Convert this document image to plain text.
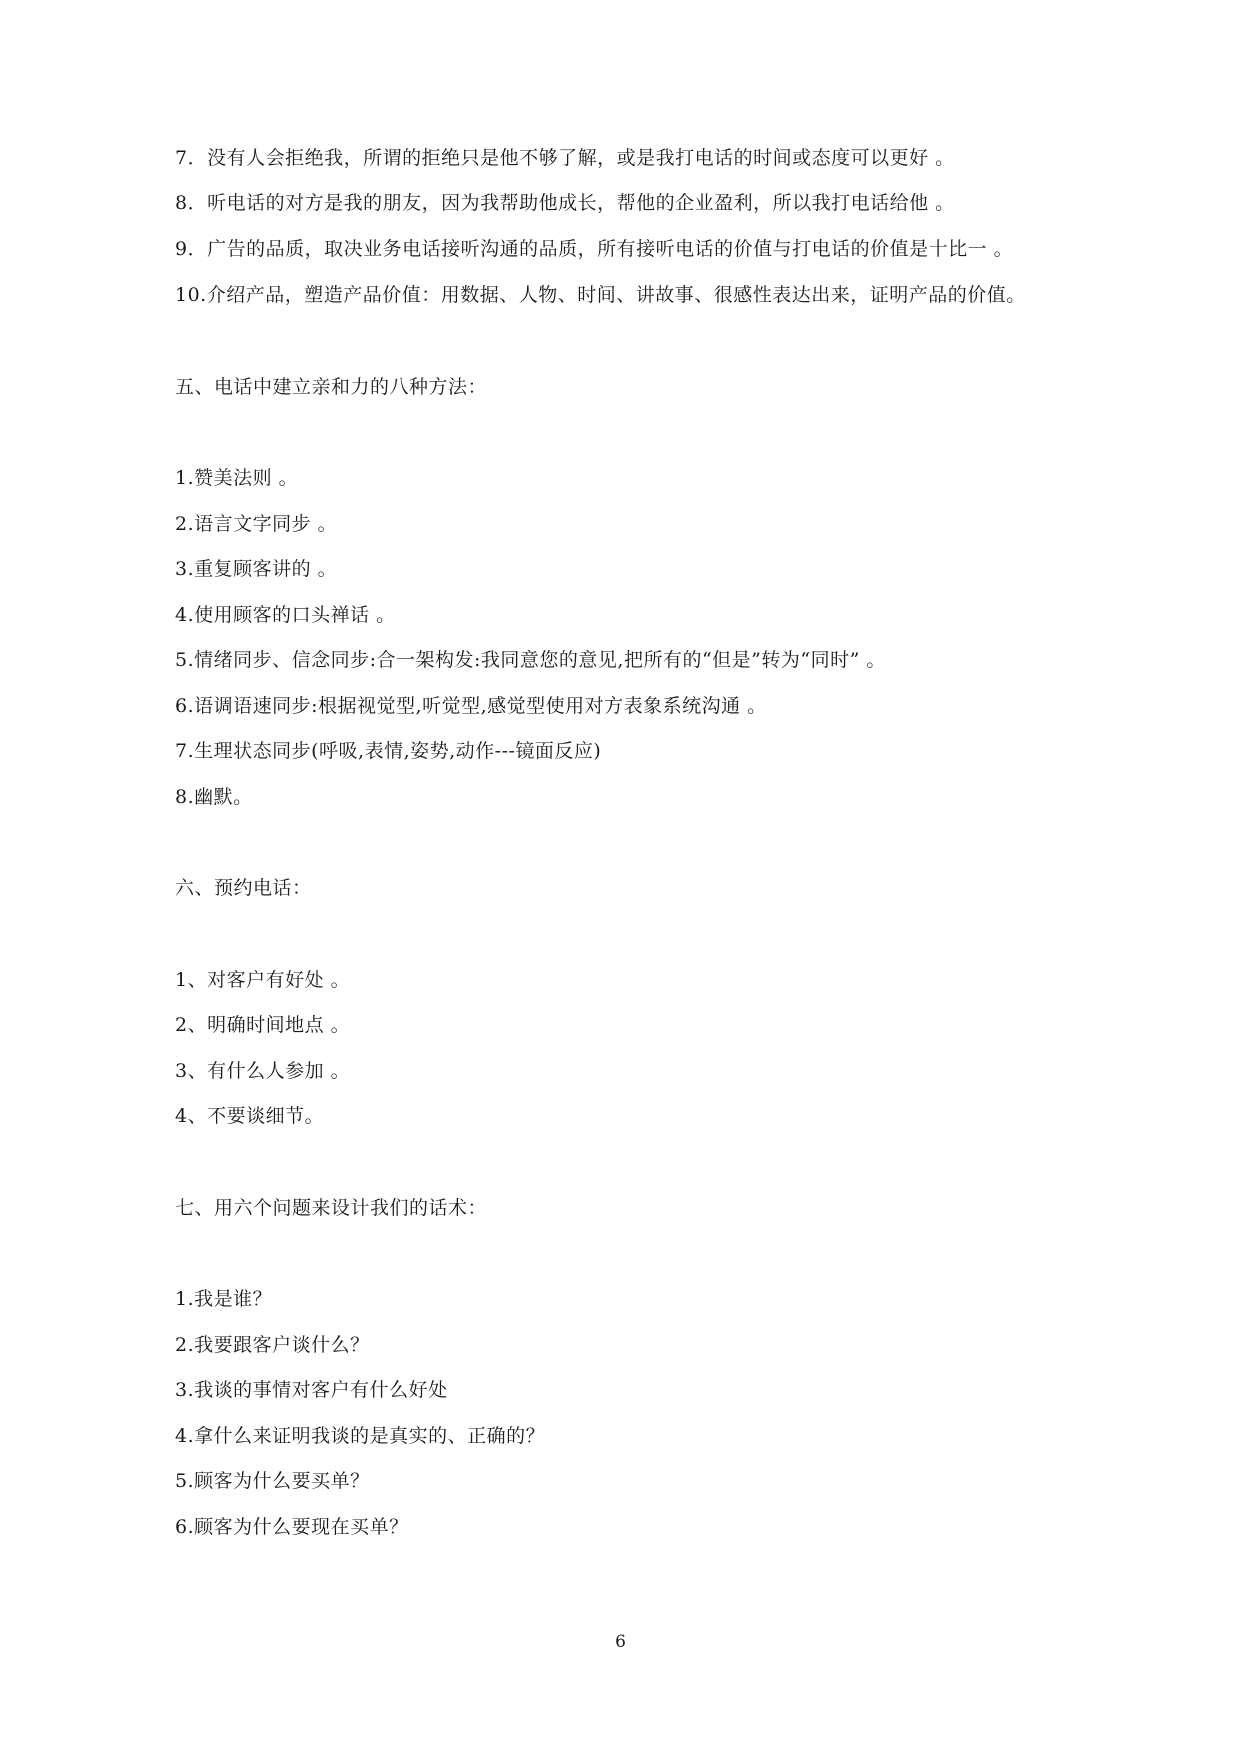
7．没有人会拒绝我，所谓的拒绝只是他不够了解，或是我打电话的时间或态度可以更好 。
8．听电话的对方是我的朋友，因为我帮助他成长，帮他的企业盈利，所以我打电话给他 。
9．广告的品质，取决业务电话接听沟通的品质，所有接听电话的价值与打电话的价值是十比一 。
10.介绍产品，塑造产品价值：用数据、人物、时间、讲故事、很感性表达出来，证明产品的价值。
五、电话中建立亲和力的八种方法：
1.赞美法则 。
2.语言文字同步 。
3.重复顾客讲的 。
4.使用顾客的口头禅话 。
5.情绪同步、信念同步:合一架构发:我同意您的意见,把所有的“但是”转为“同时” 。
6.语调语速同步:根据视觉型,听觉型,感觉型使用对方表象系统沟通 。
7.生理状态同步(呼吸,表情,姿势,动作---镜面反应)
8.幽默。
六、预约电话：
1、对客户有好处 。
2、明确时间地点 。
3、有什么人参加 。
4、不要谈细节。
七、用六个问题来设计我们的话术：
1.我是谁？
2.我要跟客户谈什么？
3.我谈的事情对客户有什么好处
4.拿什么来证明我谈的是真实的、正确的？
5.顾客为什么要买单？
6.顾客为什么要现在买单？
6
